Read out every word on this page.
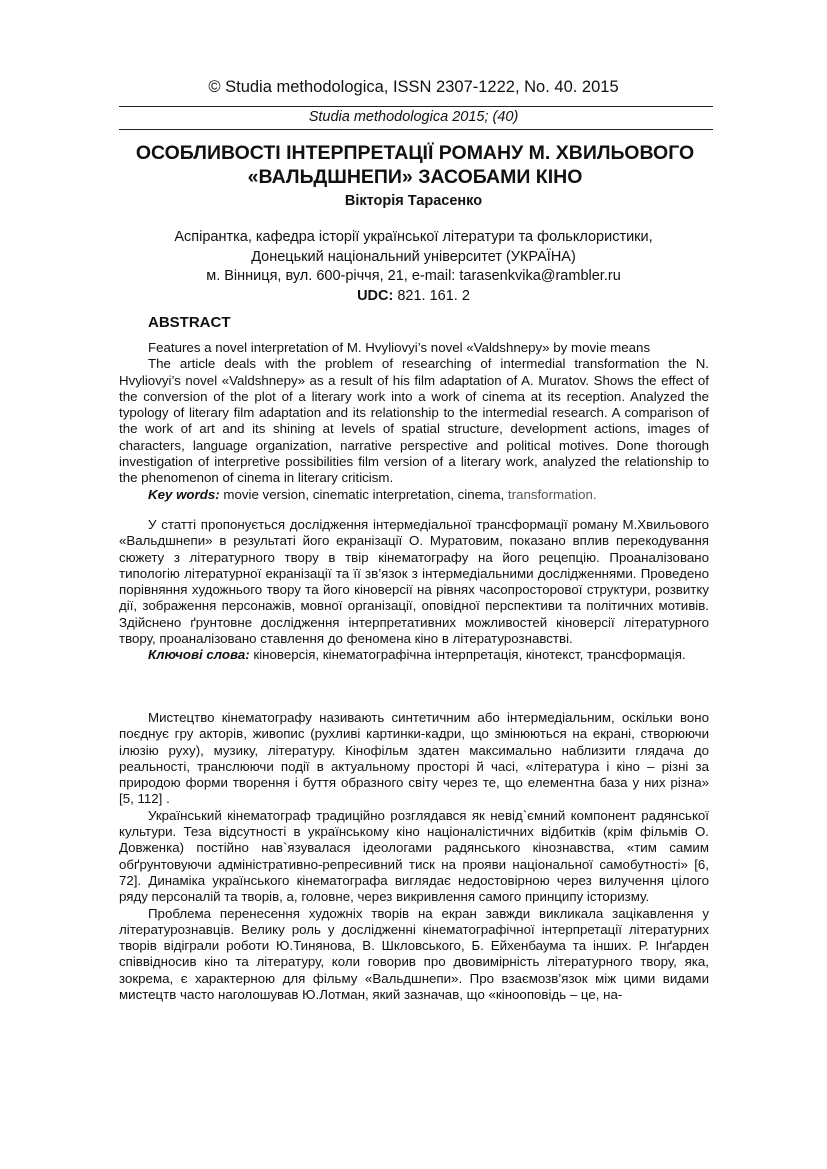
© Studia methodologica, ISSN 2307-1222, No. 40. 2015
Studia methodologica 2015; (40)
ОСОБЛИВОСТІ ІНТЕРПРЕТАЦІЇ РОМАНУ М. ХВИЛЬОВОГО
«ВАЛЬДШНЕПИ» ЗАСОБАМИ КІНО
Вікторія Тарасенко
Аспірантка, кафедра історії української літератури та фольклористики,
Донецький національний університет (УКРАЇНА)
м. Вінниця, вул. 600-річчя, 21, e-mail: tarasenkvika@rambler.ru
UDC: 821. 161. 2
ABSTRACT

Features a novel interpretation of M. Hvyliovyi’s novel «Valdshnepy» by movie means

The article deals with the problem of researching of intermedial transformation the N. Hvyliovyi’s novel «Valdshnepy» as a result of his film adaptation of A. Muratov. Shows the effect of the conversion of the plot of a literary work into a work of cinema at its reception. Analyzed the typology of literary film adaptation and its relationship to the intermedial research. A comparison of the work of art and its shining at levels of spatial structure, development actions, images of characters, language organization, narrative perspective and political motives. Done thorough investigation of interpretive possibilities film version of a literary work, analyzed the relationship to the phenomenon of cinema in literary criticism.

Key words: movie version, cinematic interpretation, cinema, transformation.

У статті пропонується дослідження інтермедіальної трансформації роману М.Хвильового «Вальдшнепи» в результаті його екранізації О. Муратовим, показано вплив перекодування сюжету з літературного твору в твір кінематографу на його рецепцію. Проаналізовано типологію літературної екранізації та її зв’язок з інтермедіальними дослідженнями. Проведено порівняння художнього твору та його кіноверсії на рівнях часопросторової структури, розвитку дії, зображення персонажів, мовної організації, оповідної перспективи та політичних мотивів. Здійснено ґрунтовне дослідження інтерпретативних можливостей кіноверсії літературного твору, проаналізовано ставлення до феномена кіно в літературознавстві.

Ключові слова: кіноверсія, кінематографічна інтерпретація, кінотекст, трансформація.

Мистецтво кінематографу називають синтетичним або інтермедіальним, оскільки воно поєднує гру акторів, живопис (рухливі картинки-кадри, що змінюються на екрані, створюючи ілюзію руху), музику, літературу. Кінофільм здатен максимально наблизити глядача до реальності, транслюючи події в актуальному просторі й часі, «література і кіно – різні за природою форми творення і буття образного світу через те, що елементна база у них різна» [5, 112] .

Український кінематограф традиційно розглядався як невід`ємний компонент радянської культури. Теза відсутності в українському кіно націоналістичних відбитків (крім фільмів О. Довженка) постійно нав`язувалася ідеологами радянського кінознавства, «тим самим обґрунтовуючи адміністративно-репресивний тиск на прояви національної самобутності» [6, 72]. Динаміка українського кінематографа виглядає недостовірною через вилучення цілого ряду персоналій та творів, а, головне, через викривлення самого принципу історизму.

Проблема перенесення художніх творів на екран завжди викликала зацікавлення у літературознавців. Велику роль у дослідженні кінематографічної інтерпретації літературних творів відіграли роботи Ю.Тинянова, В. Шкловського, Б. Ейхенбаума та інших. Р. Інґарден співвідносив кіно та літературу, коли говорив про двовимірність літературного твору, яка, зокрема, є характерною для фільму «Вальдшнепи». Про взаємозв’язок між цими видами мистецтв часто наголошував Ю.Лотман, який зазначав, що «кінооповідь – це, на-
